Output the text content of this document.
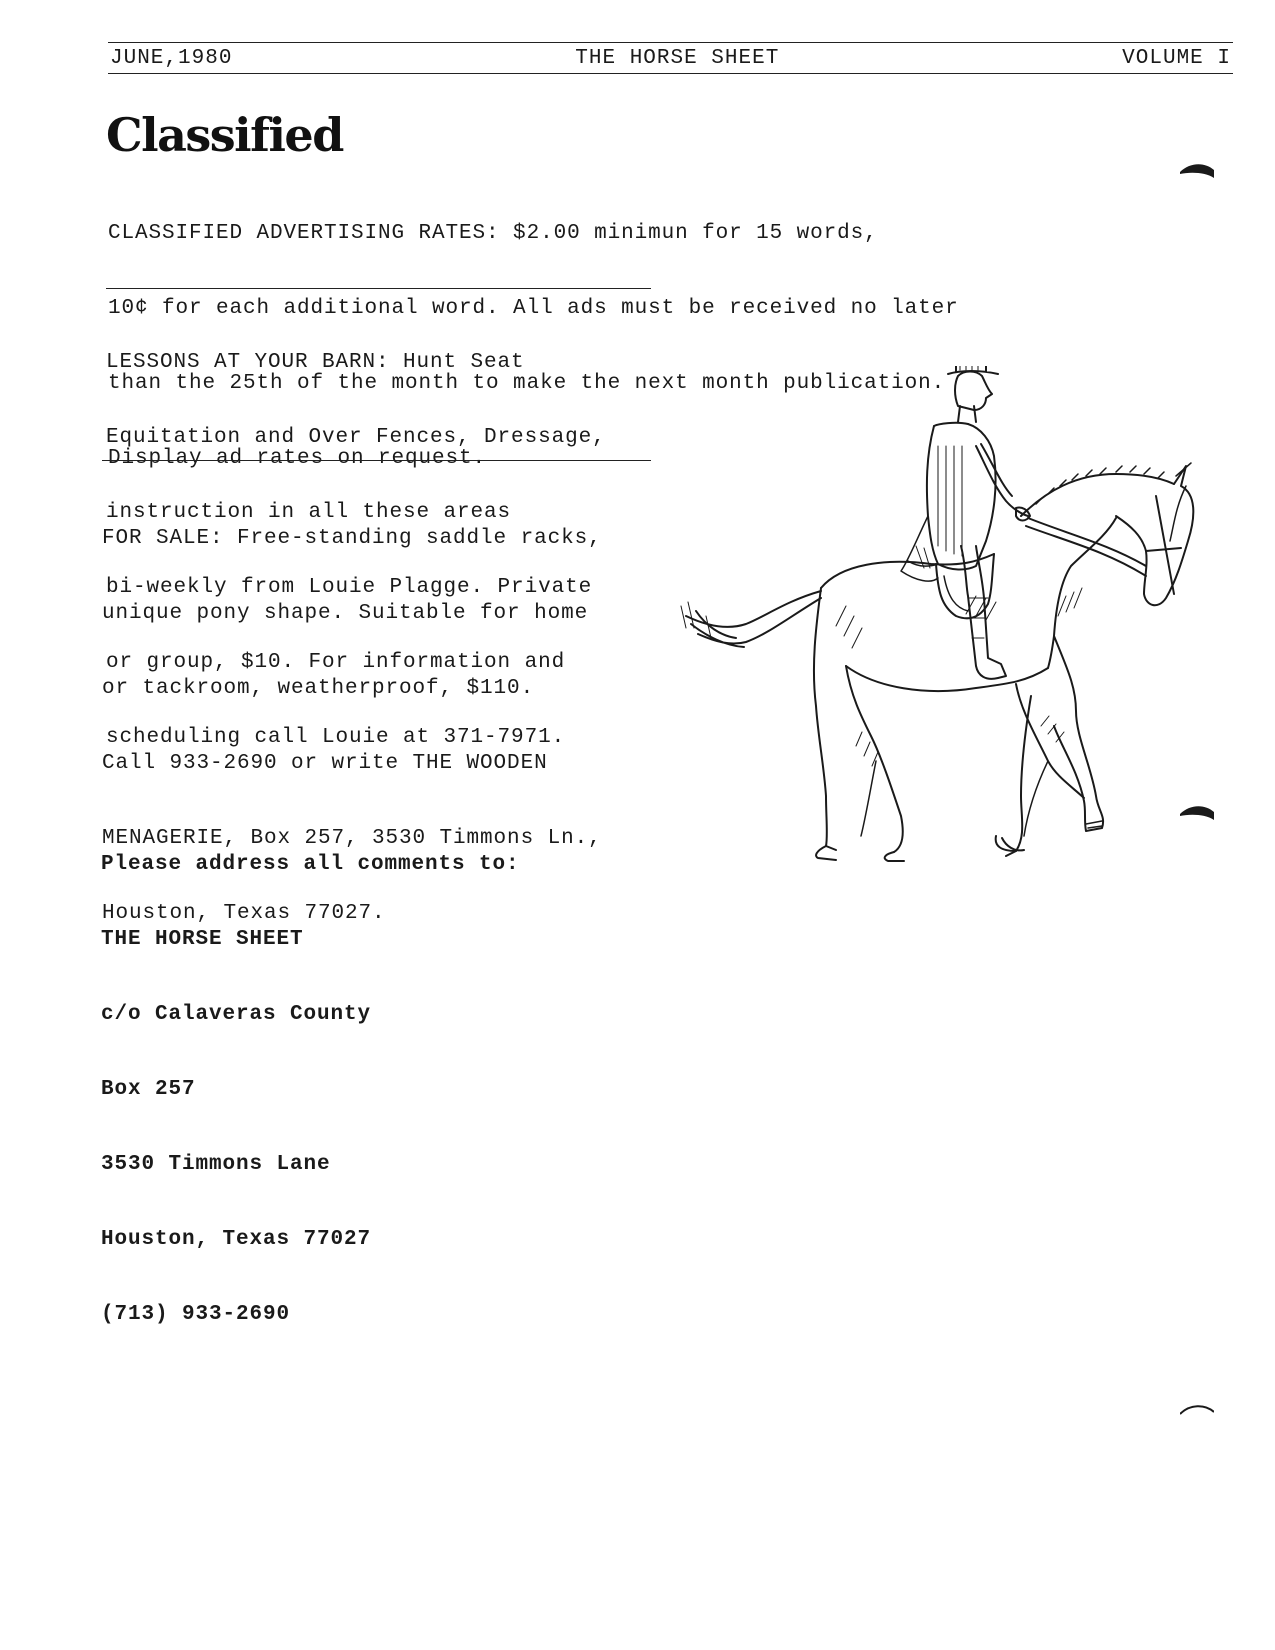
JUNE,1980	THE HORSE SHEET	VOLUME I
Classified

CLASSIFIED ADVERTISING RATES: $2.00 minimun for 15 words,

10¢ for each additional word. All ads must be received no later

than the 25th of the month to make the next month publication.

Display ad rates on request.

LESSONS AT YOUR BARN: Hunt Seat

Equitation and Over Fences, Dressage,

instruction in all these areas

bi-weekly from Louie Plagge. Private

or group, $10. For information and

scheduling call Louie at 371-7971.

FOR SALE: Free-standing saddle racks,

unique pony shape. Suitable for home

or tackroom, weatherproof, $110.

Call 933-2690 or write THE WOODEN

MENAGERIE, Box 257, 3530 Timmons Ln.,

Houston, Texas 77027.

Please address all comments to:

THE HORSE SHEET

c/o Calaveras County

Box 257

3530 Timmons Lane

Houston, Texas 77027

(713) 933-2690
